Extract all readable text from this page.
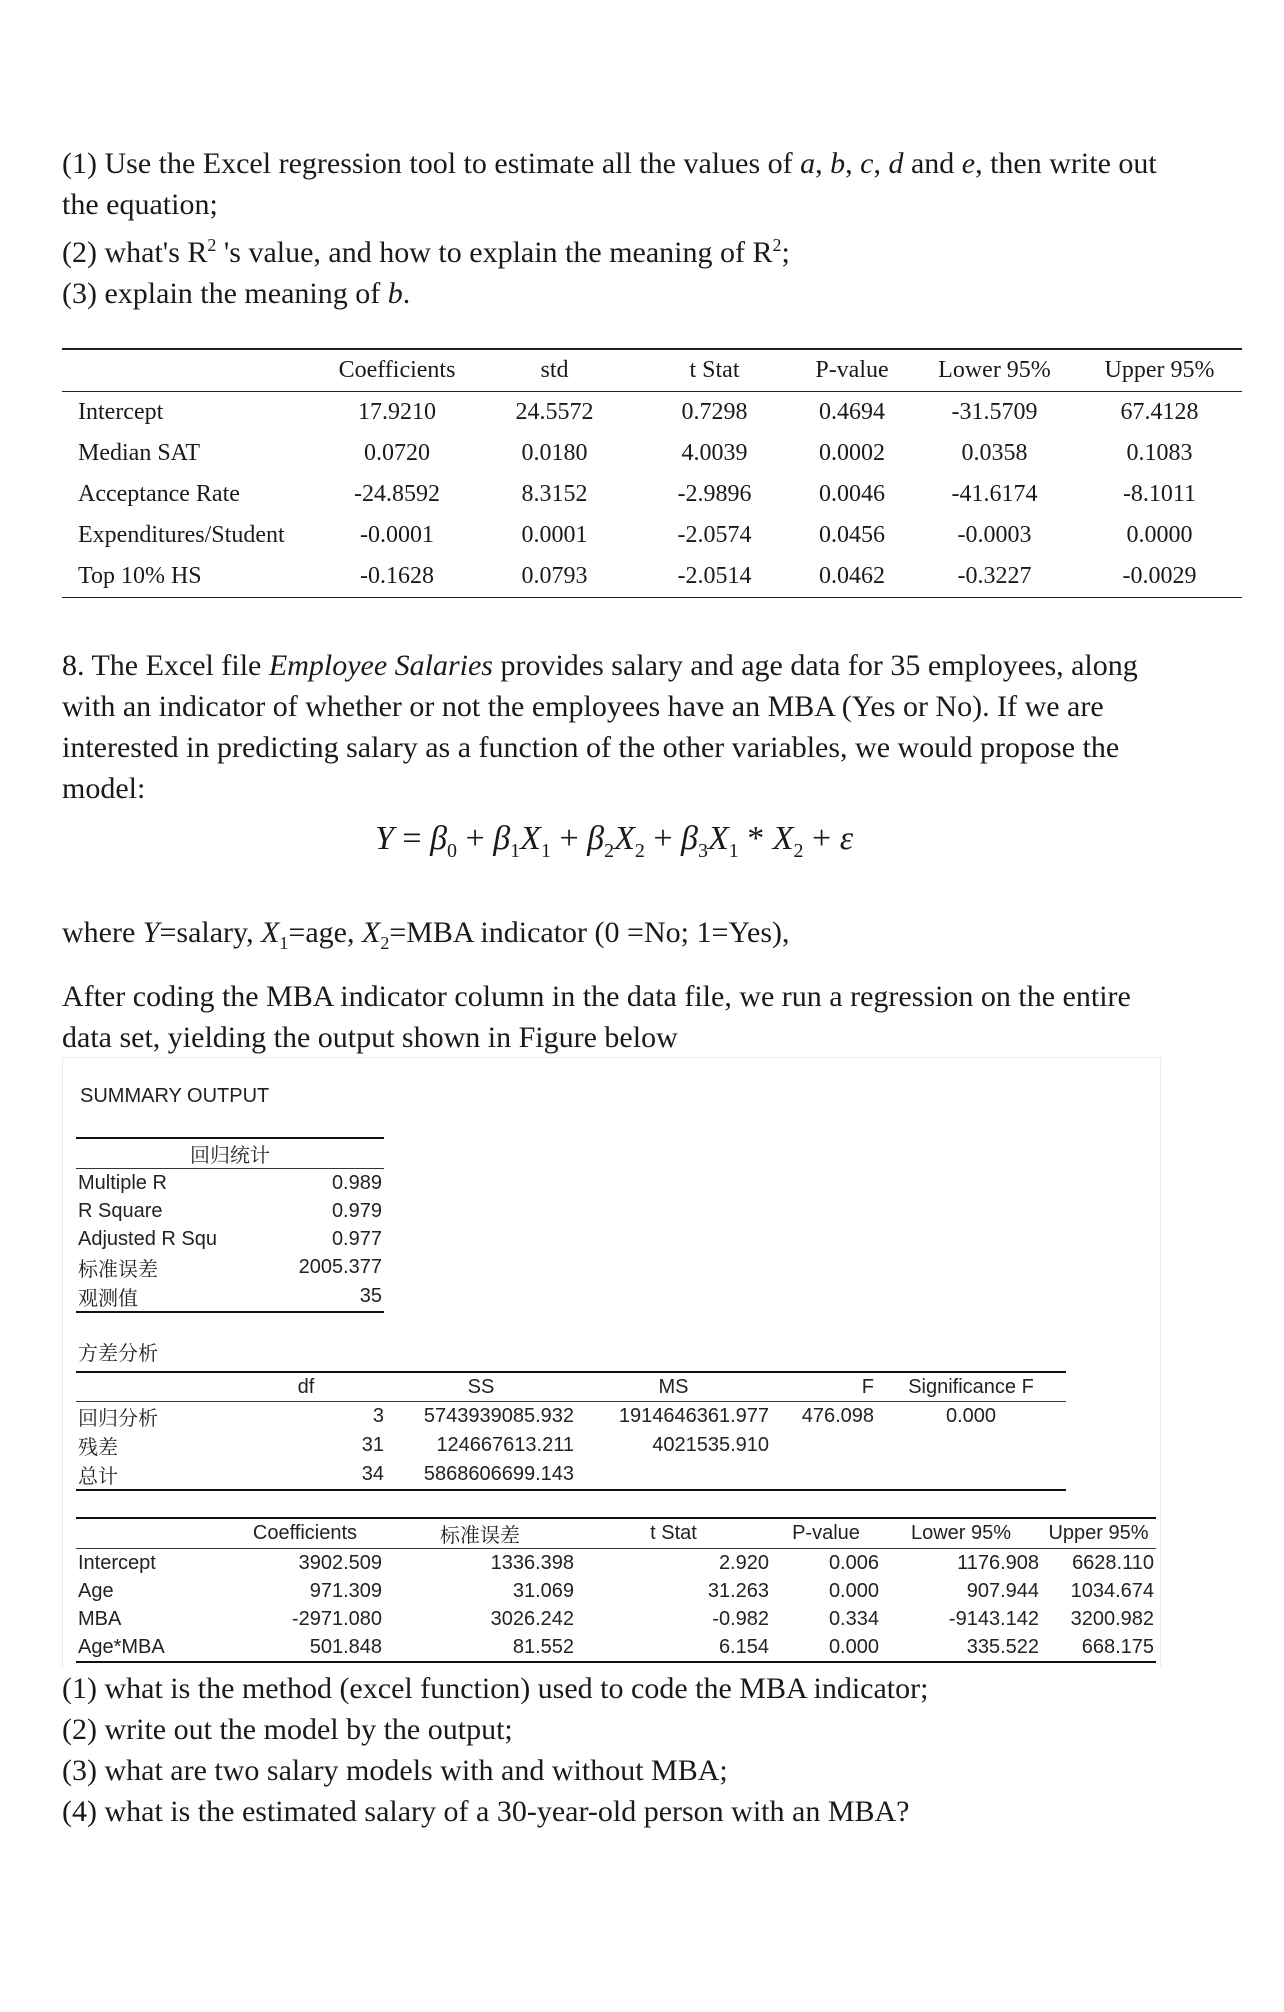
(1) Use the Excel regression tool to estimate all the values of a, b, c, d and e, then write out the equation;

(2) what's $R^2$ 's value, and how to explain the meaning of $R^2$;

(3) explain the meaning of b.

	Coefficients	std	t Stat	P-value	Lower 95%	Upper 95%
Intercept	17.9210	24.5572	0.7298	0.4694	-31.5709	67.4128
Median SAT	0.0720	0.0180	4.0039	0.0002	0.0358	0.1083
Acceptance Rate	-24.8592	8.3152	-2.9896	0.0046	-41.6174	-8.1011
Expenditures/Student	-0.0001	0.0001	-2.0574	0.0456	-0.0003	0.0000
Top 10% HS	-0.1628	0.0793	-2.0514	0.0462	-0.3227	-0.0029

8. The Excel file Employee Salaries provides salary and age data for 35 employees, along with an indicator of whether or not the employees have an MBA (Yes or No). If we are interested in predicting salary as a function of the other variables, we would propose the model:

$Y = \beta_0 + \beta_1X_1 + \beta_2X_2 + \beta_3X_1 * X_2 + \varepsilon$

where Y=salary, $X_1=age$, $X_2=MBA$ indicator (0 =No; 1=Yes),

After coding the MBA indicator column in the data file, we run a regression on the entire data set, yielding the output shown in Figure below

SUMMARY OUTPUT
回归统计	
Multiple R	0.989
R Square	0.979
Adjusted R Squ	0.977
标准误差	2005.377
观测值	35
方差分析
	df	SS	MS	F	Significance F
回归分析	3	5743939085.932	1914646361.977	476.098	0.000
残差	31	124667613.211	4021535.910		
总计	34	5868606699.143			
	Coefficients	标准误差	t Stat	P-value	Lower 95%	Upper 95%
Intercept	3902.509	1336.398	2.920	0.006	1176.908	6628.110
Age	971.309	31.069	31.263	0.000	907.944	1034.674
MBA	-2971.080	3026.242	-0.982	0.334	-9143.142	3200.982
Age*MBA	501.848	81.552	6.154	0.000	335.522	668.175

(1) what is the method (excel function) used to code the MBA indicator;

(2) write out the model by the output;

(3) what are two salary models with and without MBA;

(4) what is the estimated salary of a 30-year-old person with an MBA?
